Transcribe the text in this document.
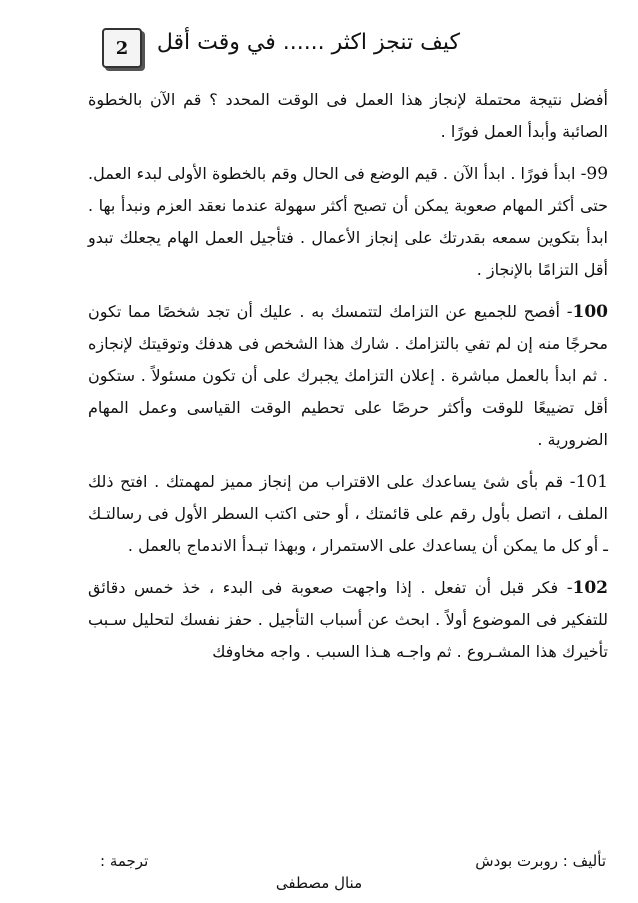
2	كيف تنجز اكثر ...... في وقت أقل

أفضل نتيجة محتملة لإنجاز هذا العمل فى الوقت المحدد ؟ قم الآن بالخطوة الصائبة وأبدأ العمل فورًا .

99- ابدأ فورًا . ابدأ الآن . قيم الوضع فى الحال وقم بالخطوة الأولى لبدء العمل. حتى أكثر المهام صعوبة يمكن أن تصبح أكثر سهولة عندما نعقد العزم ونبدأ بها . ابدأ بتكوين سمعه بقدرتك على إنجاز الأعمال . فتأجيل العمل الهام يجعلك تبدو أقل التزامًا بالإنجاز .

100- أفصح للجميع عن التزامك لتتمسك به . عليك أن تجد شخصًا مما تكون محرجًا منه إن لم تفي بالتزامك . شارك هذا الشخص فى هدفك وتوقيتك لإنجازه . ثم ابدأ بالعمل مباشرة . إعلان التزامك يجبرك على أن تكون مسئولاً . ستكون أقل تضييعًا للوقت وأكثر حرصًا على تحطيم الوقت القياسى وعمل المهام الضرورية .

101- قم بأى شئ يساعدك على الاقتراب من إنجاز مميز لمهمتك . افتح ذلك الملف ، اتصل بأول رقم على قائمتك ، أو حتى اكتب السطر الأول فى رسالتـك ـ أو كل ما يمكن أن يساعدك على الاستمرار ، وبهذا تبـدأ الاندماج بالعمل .

102- فكر قبل أن تفعل . إذا واجهت صعوبة فى البدء ، خذ خمس دقائق للتفكير فى الموضوع أولاً . ابحث عن أسباب التأجيل . حفز نفسك لتحليل سـبب تأخيرك هذا المشـروع . ثم واجـه هـذا السبب . واجه مخاوفك

تأليف : روبرت بودش
ترجمة :
منال مصطفى
